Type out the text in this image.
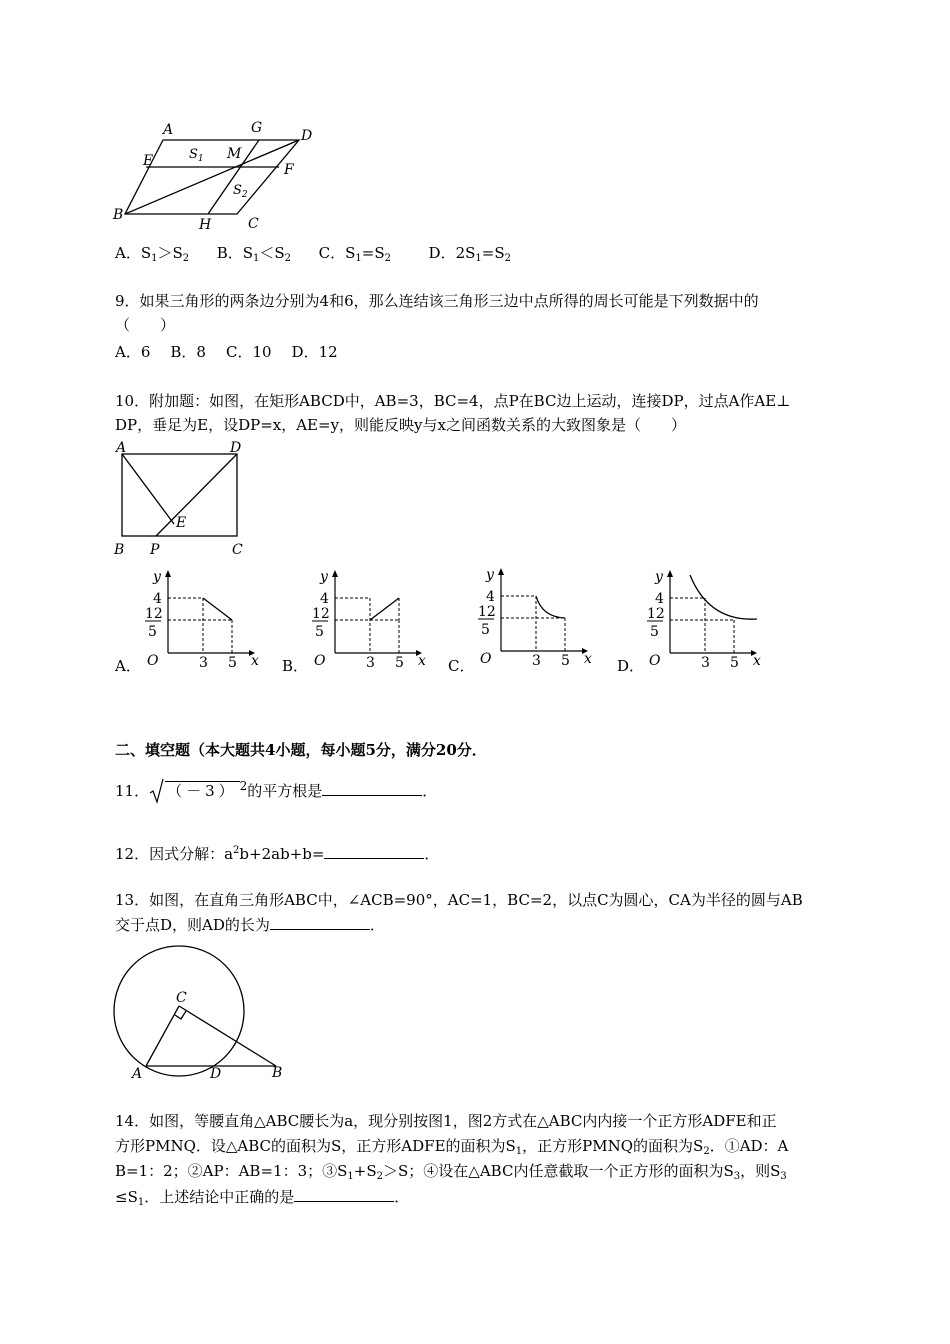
A	G	D
E	M
F
B
H	C
$S_1$
$S_2$
A．$S_1>S_2$ B．$S_1<S_2$ C．$S_1=S_2$	D．$2S_1=S_2$
9．如果三角形的两条边分别为4和6，那么连结该三角形三边中点所得的周长可能是下列数据中的
（　　）
A．6 B．8 C．10 D．12
10．附加题：如图，在矩形ABCD中，AB=3，BC=4，点P在BC边上运动，连接DP，过点A作AE⊥
DP，垂足为E，设DP=x，AE=y，则能反映y与x之间函数关系的大致图象是（　　）
A	D
E
B P	C
A．
y
4
12
5
O	3 5 x B．
y
4
12
5
O	3 5 x C．
y
4
12
5
O	3 5 x D．
y
4
12
5
O	3 5 x
二、填空题（本大题共4小题，每小题5分，满分20分．
11． （－3） $^2$的平方根是	．
12．因式分解：$a^2b+2ab+b=$	．
13．如图，在直角三角形ABC中，∠ACB=90°，AC=1，BC=2，以点C为圆心，CA为半径的圆与AB
交于点D，则AD的长为	．
C
A	D	B
14．如图，等腰直角△ABC腰长为a，现分别按图1，图2方式在△ABC内内接一个正方形ADFE和正
方形PMNQ．设△ABC的面积为S，正方形ADFE的面积为$S_1$，正方形PMNQ的面积为$S_2$．①AD：A
B=1：2；②AP：AB=1：3；$③S_1+S_2>S$；④设在△ABC内任意截取一个正方形的面积为$S_3$，则$S_3$
$\le S_1$．上述结论中正确的是	．
